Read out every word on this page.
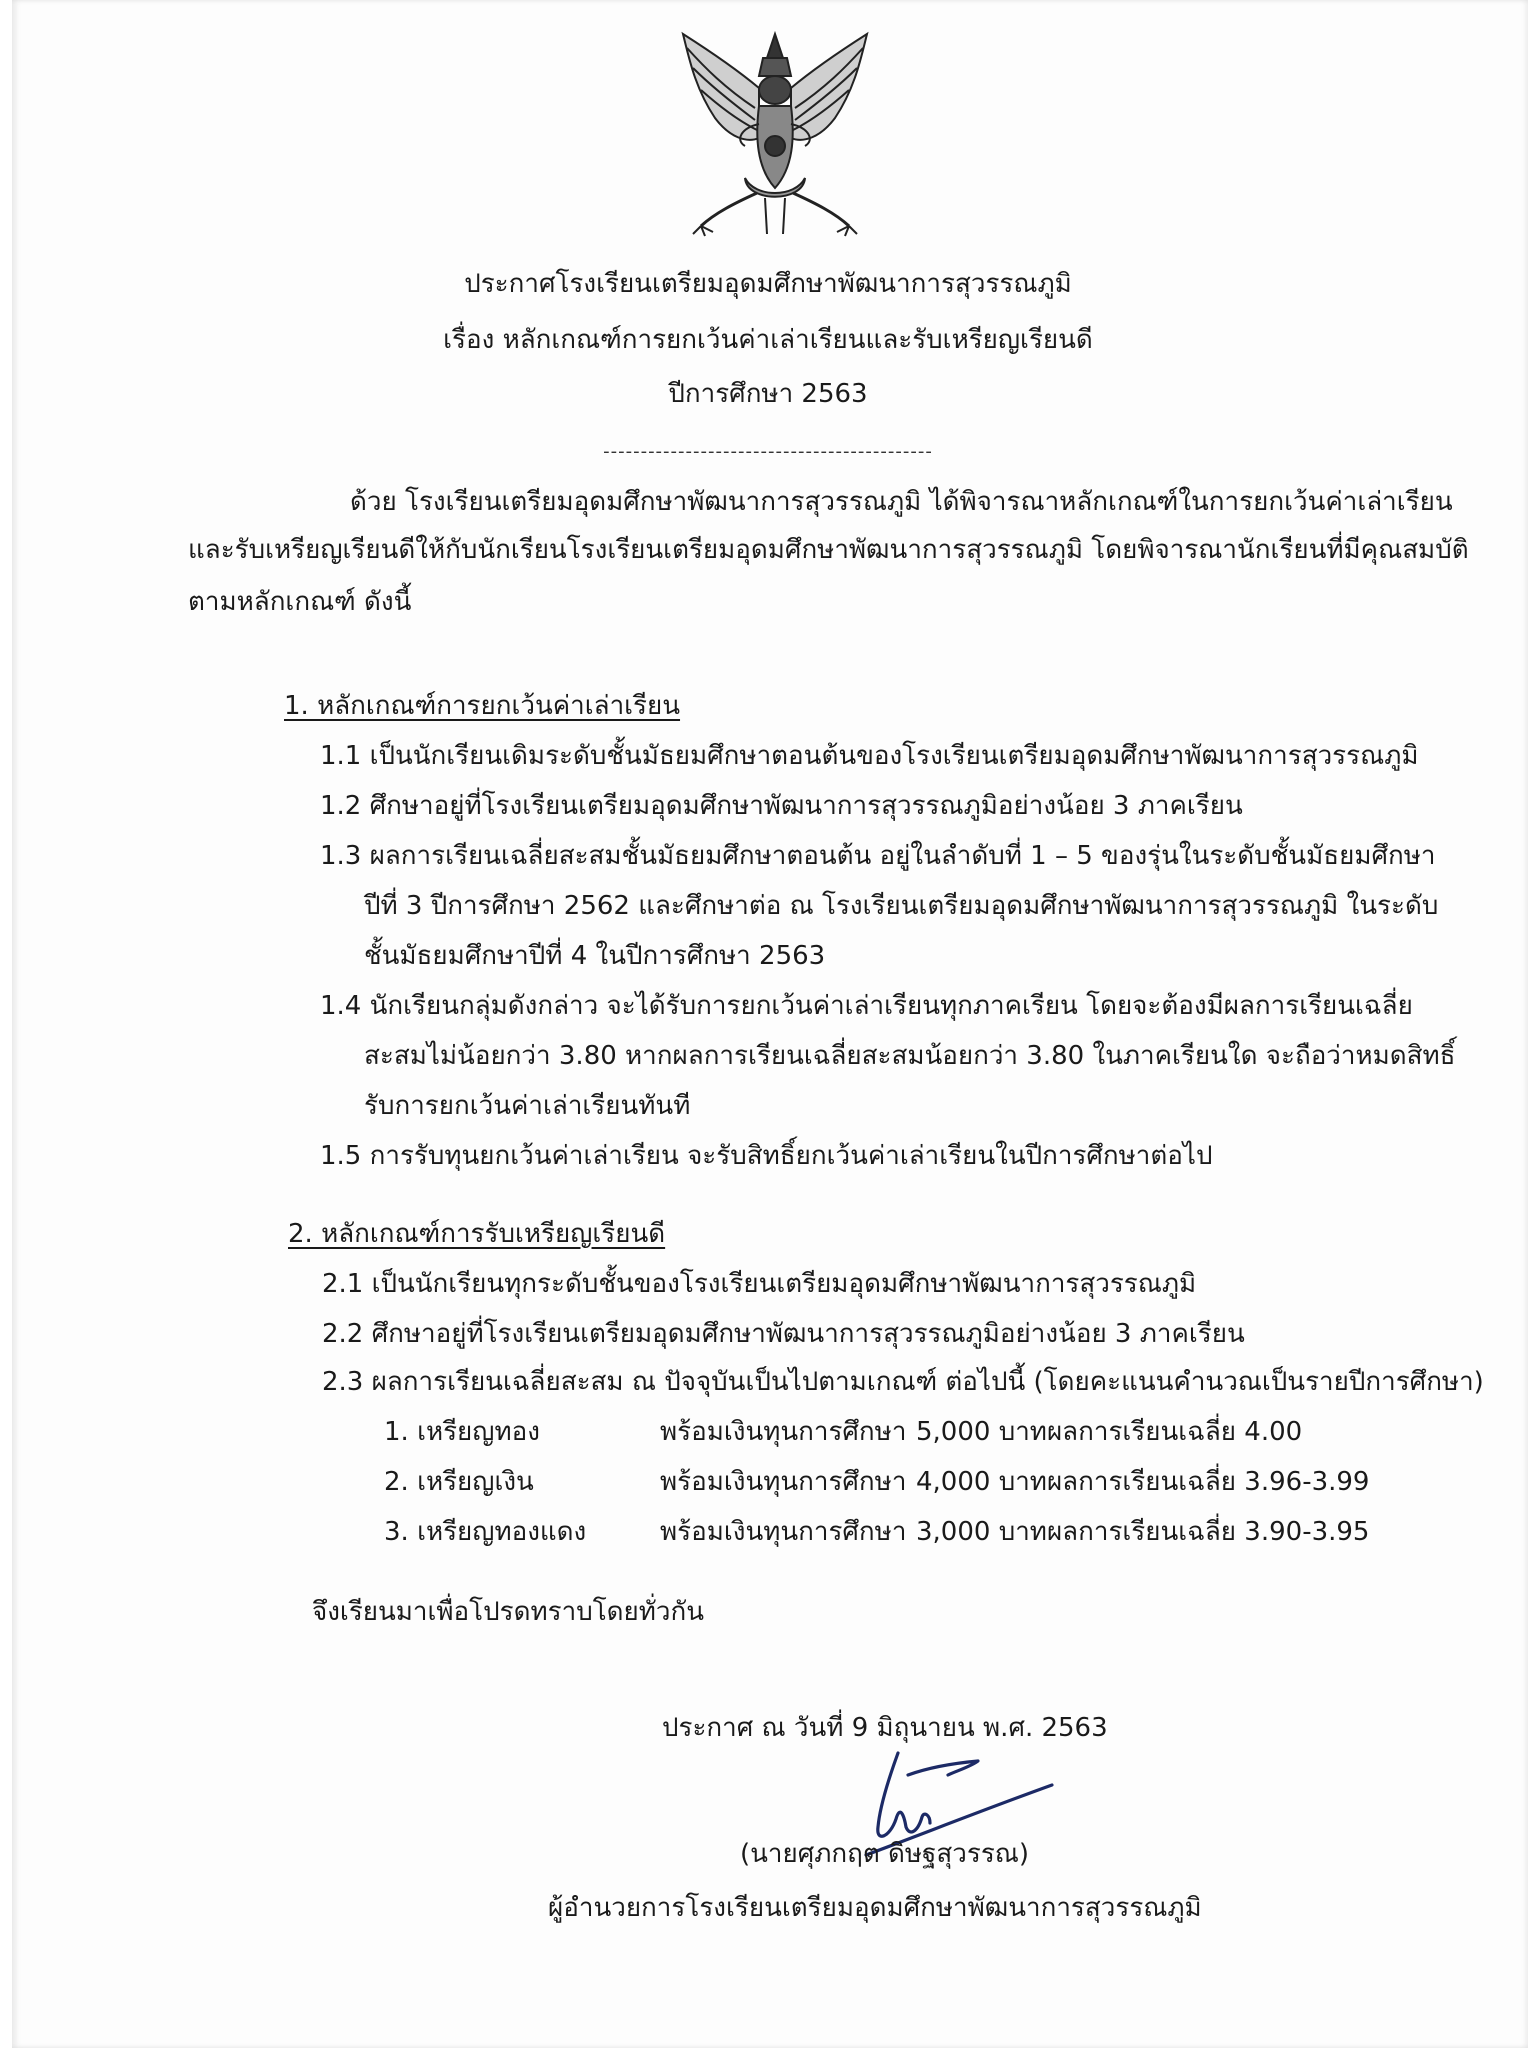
ประกาศโรงเรียนเตรียมอุดมศึกษาพัฒนาการสุวรรณภูมิ
เรื่อง หลักเกณฑ์การยกเว้นค่าเล่าเรียนและรับเหรียญเรียนดี
ปีการศึกษา 2563
--------------------------------------------
ด้วย โรงเรียนเตรียมอุดมศึกษาพัฒนาการสุวรรณภูมิ ได้พิจารณาหลักเกณฑ์ในการยกเว้นค่าเล่าเรียน
และรับเหรียญเรียนดีให้กับนักเรียนโรงเรียนเตรียมอุดมศึกษาพัฒนาการสุวรรณภูมิ โดยพิจารณานักเรียนที่มีคุณสมบัติ
ตามหลักเกณฑ์ ดังนี้
1. หลักเกณฑ์การยกเว้นค่าเล่าเรียน
1.1 เป็นนักเรียนเดิมระดับชั้นมัธยมศึกษาตอนต้นของโรงเรียนเตรียมอุดมศึกษาพัฒนาการสุวรรณภูมิ
1.2 ศึกษาอยู่ที่โรงเรียนเตรียมอุดมศึกษาพัฒนาการสุวรรณภูมิอย่างน้อย 3 ภาคเรียน
1.3 ผลการเรียนเฉลี่ยสะสมชั้นมัธยมศึกษาตอนต้น อยู่ในลำดับที่ 1 – 5 ของรุ่นในระดับชั้นมัธยมศึกษา
ปีที่ 3 ปีการศึกษา 2562 และศึกษาต่อ ณ โรงเรียนเตรียมอุดมศึกษาพัฒนาการสุวรรณภูมิ ในระดับ
ชั้นมัธยมศึกษาปีที่ 4 ในปีการศึกษา 2563
1.4 นักเรียนกลุ่มดังกล่าว จะได้รับการยกเว้นค่าเล่าเรียนทุกภาคเรียน โดยจะต้องมีผลการเรียนเฉลี่ย
สะสมไม่น้อยกว่า 3.80 หากผลการเรียนเฉลี่ยสะสมน้อยกว่า 3.80 ในภาคเรียนใด จะถือว่าหมดสิทธิ์
รับการยกเว้นค่าเล่าเรียนทันที
1.5 การรับทุนยกเว้นค่าเล่าเรียน จะรับสิทธิ์ยกเว้นค่าเล่าเรียนในปีการศึกษาต่อไป
2. หลักเกณฑ์การรับเหรียญเรียนดี
2.1 เป็นนักเรียนทุกระดับชั้นของโรงเรียนเตรียมอุดมศึกษาพัฒนาการสุวรรณภูมิ
2.2 ศึกษาอยู่ที่โรงเรียนเตรียมอุดมศึกษาพัฒนาการสุวรรณภูมิอย่างน้อย 3 ภาคเรียน
2.3 ผลการเรียนเฉลี่ยสะสม ณ ปัจจุบันเป็นไปตามเกณฑ์ ต่อไปนี้ (โดยคะแนนคำนวณเป็นรายปีการศึกษา)
1. เหรียญทอง	พร้อมเงินทุนการศึกษา 5,000 บาทผลการเรียนเฉลี่ย 4.00
2. เหรียญเงิน	พร้อมเงินทุนการศึกษา 4,000 บาทผลการเรียนเฉลี่ย 3.96-3.99
3. เหรียญทองแดง	พร้อมเงินทุนการศึกษา 3,000 บาทผลการเรียนเฉลี่ย 3.90-3.95
จึงเรียนมาเพื่อโปรดทราบโดยทั่วกัน
ประกาศ ณ วันที่ 9 มิถุนายน พ.ศ. 2563
(นายศุภกฤต ดิษฐสุวรรณ)
ผู้อำนวยการโรงเรียนเตรียมอุดมศึกษาพัฒนาการสุวรรณภูมิ
